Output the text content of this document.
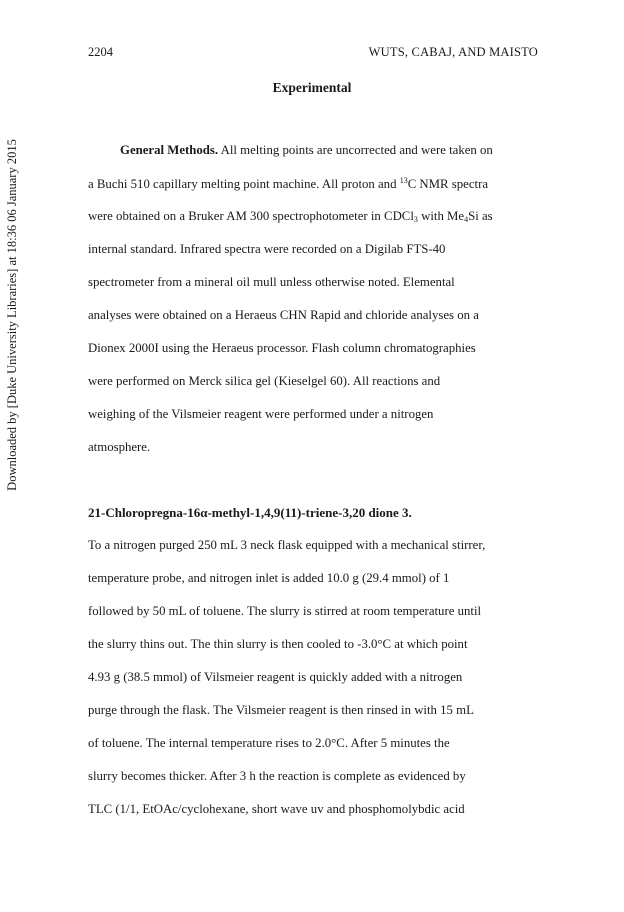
2204	WUTS, CABAJ, AND MAISTO
Downloaded by [Duke University Libraries] at 18:36 06 January 2015
Experimental
General Methods. All melting points are uncorrected and were taken on
a Buchi 510 capillary melting point machine. All proton and $^{13}$C NMR spectra
were obtained on a Bruker AM 300 spectrophotometer in CDCl$_3$ with $Me_4Si$ as
internal standard. Infrared spectra were recorded on a Digilab FTS-40
spectrometer from a mineral oil mull unless otherwise noted. Elemental
analyses were obtained on a Heraeus CHN Rapid and chloride analyses on a
Dionex 2000I using the Heraeus processor. Flash column chromatographies
were performed on Merck silica gel (Kieselgel 60). All reactions and
weighing of the Vilsmeier reagent were performed under a nitrogen
atmosphere.
21-Chloropregna-16α-methyl-1,4,9(11)-triene-3,20 dione 3.
To a nitrogen purged 250 mL 3 neck flask equipped with a mechanical stirrer,
temperature probe, and nitrogen inlet is added 10.0 g (29.4 mmol) of 1
followed by 50 mL of toluene. The slurry is stirred at room temperature until
the slurry thins out. The thin slurry is then cooled to -3.0°C at which point
4.93 g (38.5 mmol) of Vilsmeier reagent is quickly added with a nitrogen
purge through the flask. The Vilsmeier reagent is then rinsed in with 15 mL
of toluene. The internal temperature rises to 2.0°C. After 5 minutes the
slurry becomes thicker. After 3 h the reaction is complete as evidenced by
TLC (1/1, EtOAc/cyclohexane, short wave uv and phosphomolybdic acid
